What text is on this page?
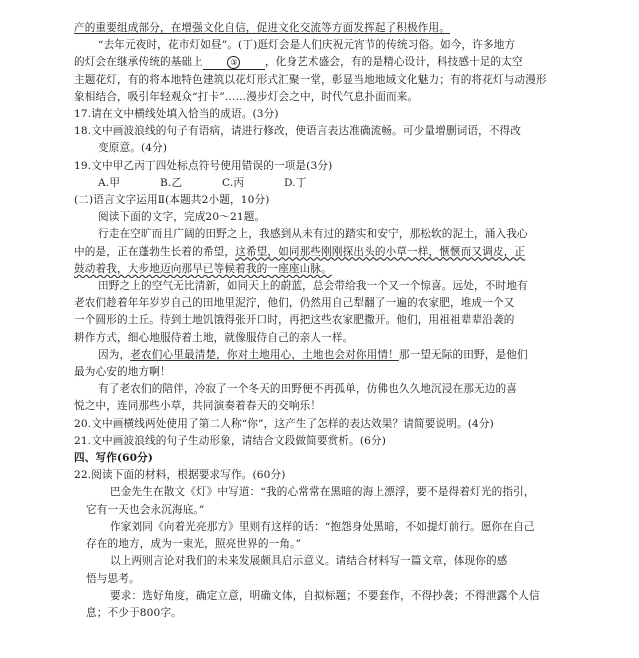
产的重要组成部分，在增强文化自信，促进文化交流等方面发挥起了积极作用。
“去年元夜时，花市灯如昼”。(丁)逛灯会是人们庆祝元宵节的传统习俗。如今，许多地方
的灯会在继承传统的基础上	③	，化身艺术盛会，有的是精心设计，科技感十足的太空
主题花灯，有的将本地特色建筑以花灯形式汇聚一堂，彰显当地地域文化魅力；有的将花灯与动漫形
象相结合，吸引年轻观众“打卡”……漫步灯会之中，时代气息扑面而来。
17.请在文中横线处填入恰当的成语。(3分)
18.文中画波浪线的句子有语病，请进行修改，使语言表达准确流畅。可少量增删词语，不得改
变原意。(4分)
19.文中甲乙丙丁四处标点符号使用错误的一项是(3分)
A.甲	B.乙	C.丙	D.丁
(二)语言文字运用Ⅱ(本题共2小题，10分)
阅读下面的文字，完成20～21题。
行走在空旷而且广阔的田野之上，我感到从未有过的踏实和安宁，那松软的泥土，涌入我心
中的是，正在蓬勃生长着的希望，这希望，如同那些刚刚探出头的小草一样，愜愜而又调皮，正
鼓动着我，大步地迈向那早已等候着我的一座座山脉。
田野之上的空气无比清新，如同天上的蔚蓝，总会带给我一个又一个惊喜。远处，不时地有
老农们趁着年年岁岁自己的田地里泥泞，他们，仍然用自己犁翻了一遍的农家肥，堆成一个又
一个圆形的土丘。待到土地饥饿得张开口时，再把这些农家肥撒开。他们，用祖祖辈辈沿袭的
耕作方式，细心地服侍着土地，就像服侍自己的亲人一样。
因为，老农们心里最清楚，你对土地用心，土地也会对你用情！那一望无际的田野，是他们
最为心安的地方啊！
有了老农们的陪伴，冷寂了一个冬天的田野便不再孤单，仿佛也久久地沉浸在那无边的喜
悦之中，连同那些小草，共同演奏着春天的交响乐！
20.文中画横线两处使用了第二人称“你”，这产生了怎样的表达效果？请简要说明。(4分)
21.文中画波浪线的句子生动形象，请结合文段做简要赏析。(6分)
四、写作(60分)
22.阅读下面的材料，根据要求写作。(60分)
巴金先生在散文《灯》中写道：“我的心常常在黑暗的海上漂浮，要不是得着灯光的指引，
它有一天也会永沉海底。”
作家刘同《向着光亮那方》里则有这样的话：“抱怨身处黑暗，不如提灯前行。愿你在自己
存在的地方，成为一束光，照亮世界的一角。”
以上两则言论对我们的未来发展颇具启示意义。请结合材料写一篇文章，体现你的感
悟与思考。
要求：选好角度，确定立意，明确文体，自拟标题；不要套作，不得抄袭；不得泄露个人信
息；不少于800字。
